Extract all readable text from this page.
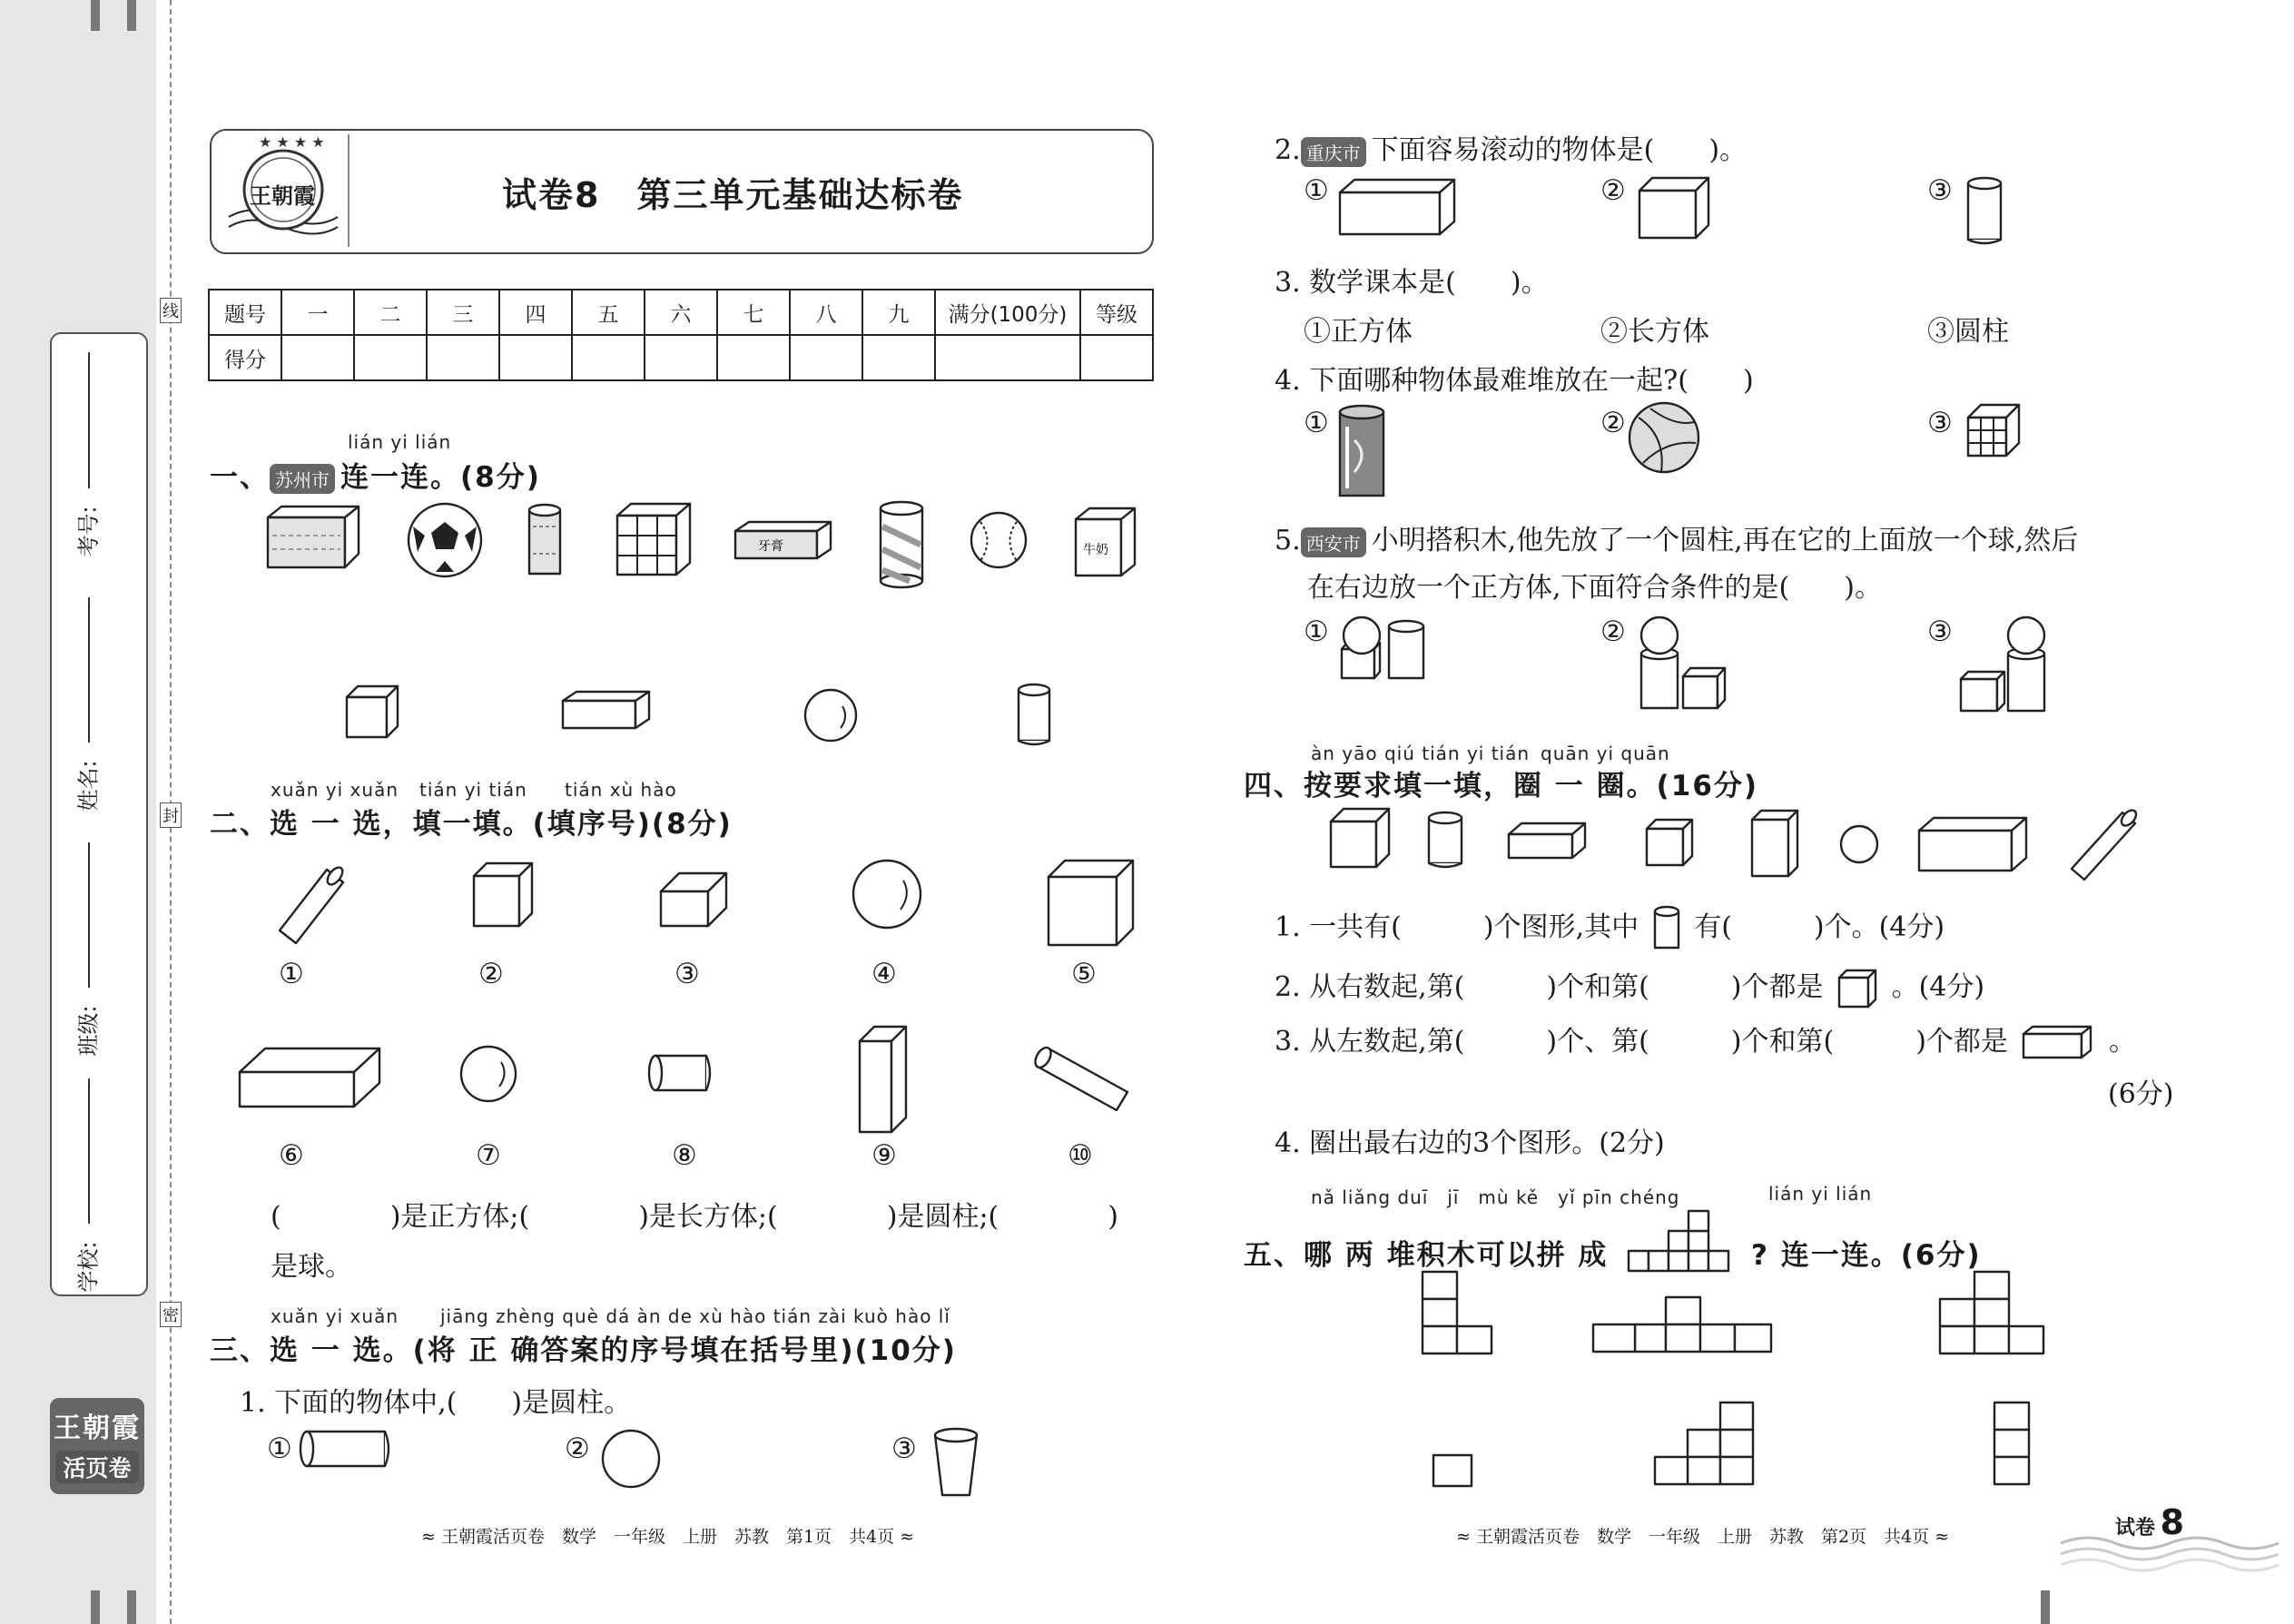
线
封
密
考号:
姓名:
班级:
学校:
王朝霞
活页卷
★ ★ ★ ★
王朝霞	试卷8　第三单元基础达标卷
题号	一	二	三	四	五	六	七	八	九	满分(100分)	等级
得分											
lián yi lián
一、 苏州市 连一连。(8分)
牙膏	牛奶
xuǎn yi xuǎn tián yi tián tián xù hào
二、选 一 选，填一填。(填序号)(8分)
①	②	③	④	⑤
⑥	⑦	⑧	⑨	⑩
(　　　　)是正方体;(　　　　)是长方体;(　　　　)是圆柱;(　　　　)
是球。
xuǎn yi xuǎn jiāng zhèng què dá àn de xù hào tián zài kuò hào lǐ
三、选 一 选。(将 正 确答案的序号填在括号里)(10分)
1. 下面的物体中,(　　)是圆柱。
①	②	③
≈ 王朝霞活页卷　数学　一年级　上册　苏教　第1页　共4页 ≈
2. 重庆市 下面容易滚动的物体是(　　)。
①	②	③
3. 数学课本是(　　)。
①正方体	②长方体	③圆柱
4. 下面哪种物体最难堆放在一起?(　　)
①	②	③
5. 西安市 小明搭积木,他先放了一个圆柱,再在它的上面放一个球,然后
在右边放一个正方体,下面符合条件的是(　　)。
①	②	③
àn yāo qiú tián yi tián quān yi quān
四、按要求填一填，圈 一 圈。(16分)
1. 一共有(　　　)个图形,其中 有(　　　)个。(4分)
2. 从右数起,第(　　　)个和第(　　　)个都是	。(4分)
3. 从左数起,第(　　　)个、第(　　　)个和第(　　　)个都是	。
(6分)
4. 圈出最右边的3个图形。(2分)
nǎ liǎng duī　jī　mù kě　yǐ pīn chéng	lián yi lián
五、哪 两 堆积木可以拼 成	? 连一连。(6分)
≈ 王朝霞活页卷　数学　一年级　上册　苏教　第2页　共4页 ≈	试卷 8
